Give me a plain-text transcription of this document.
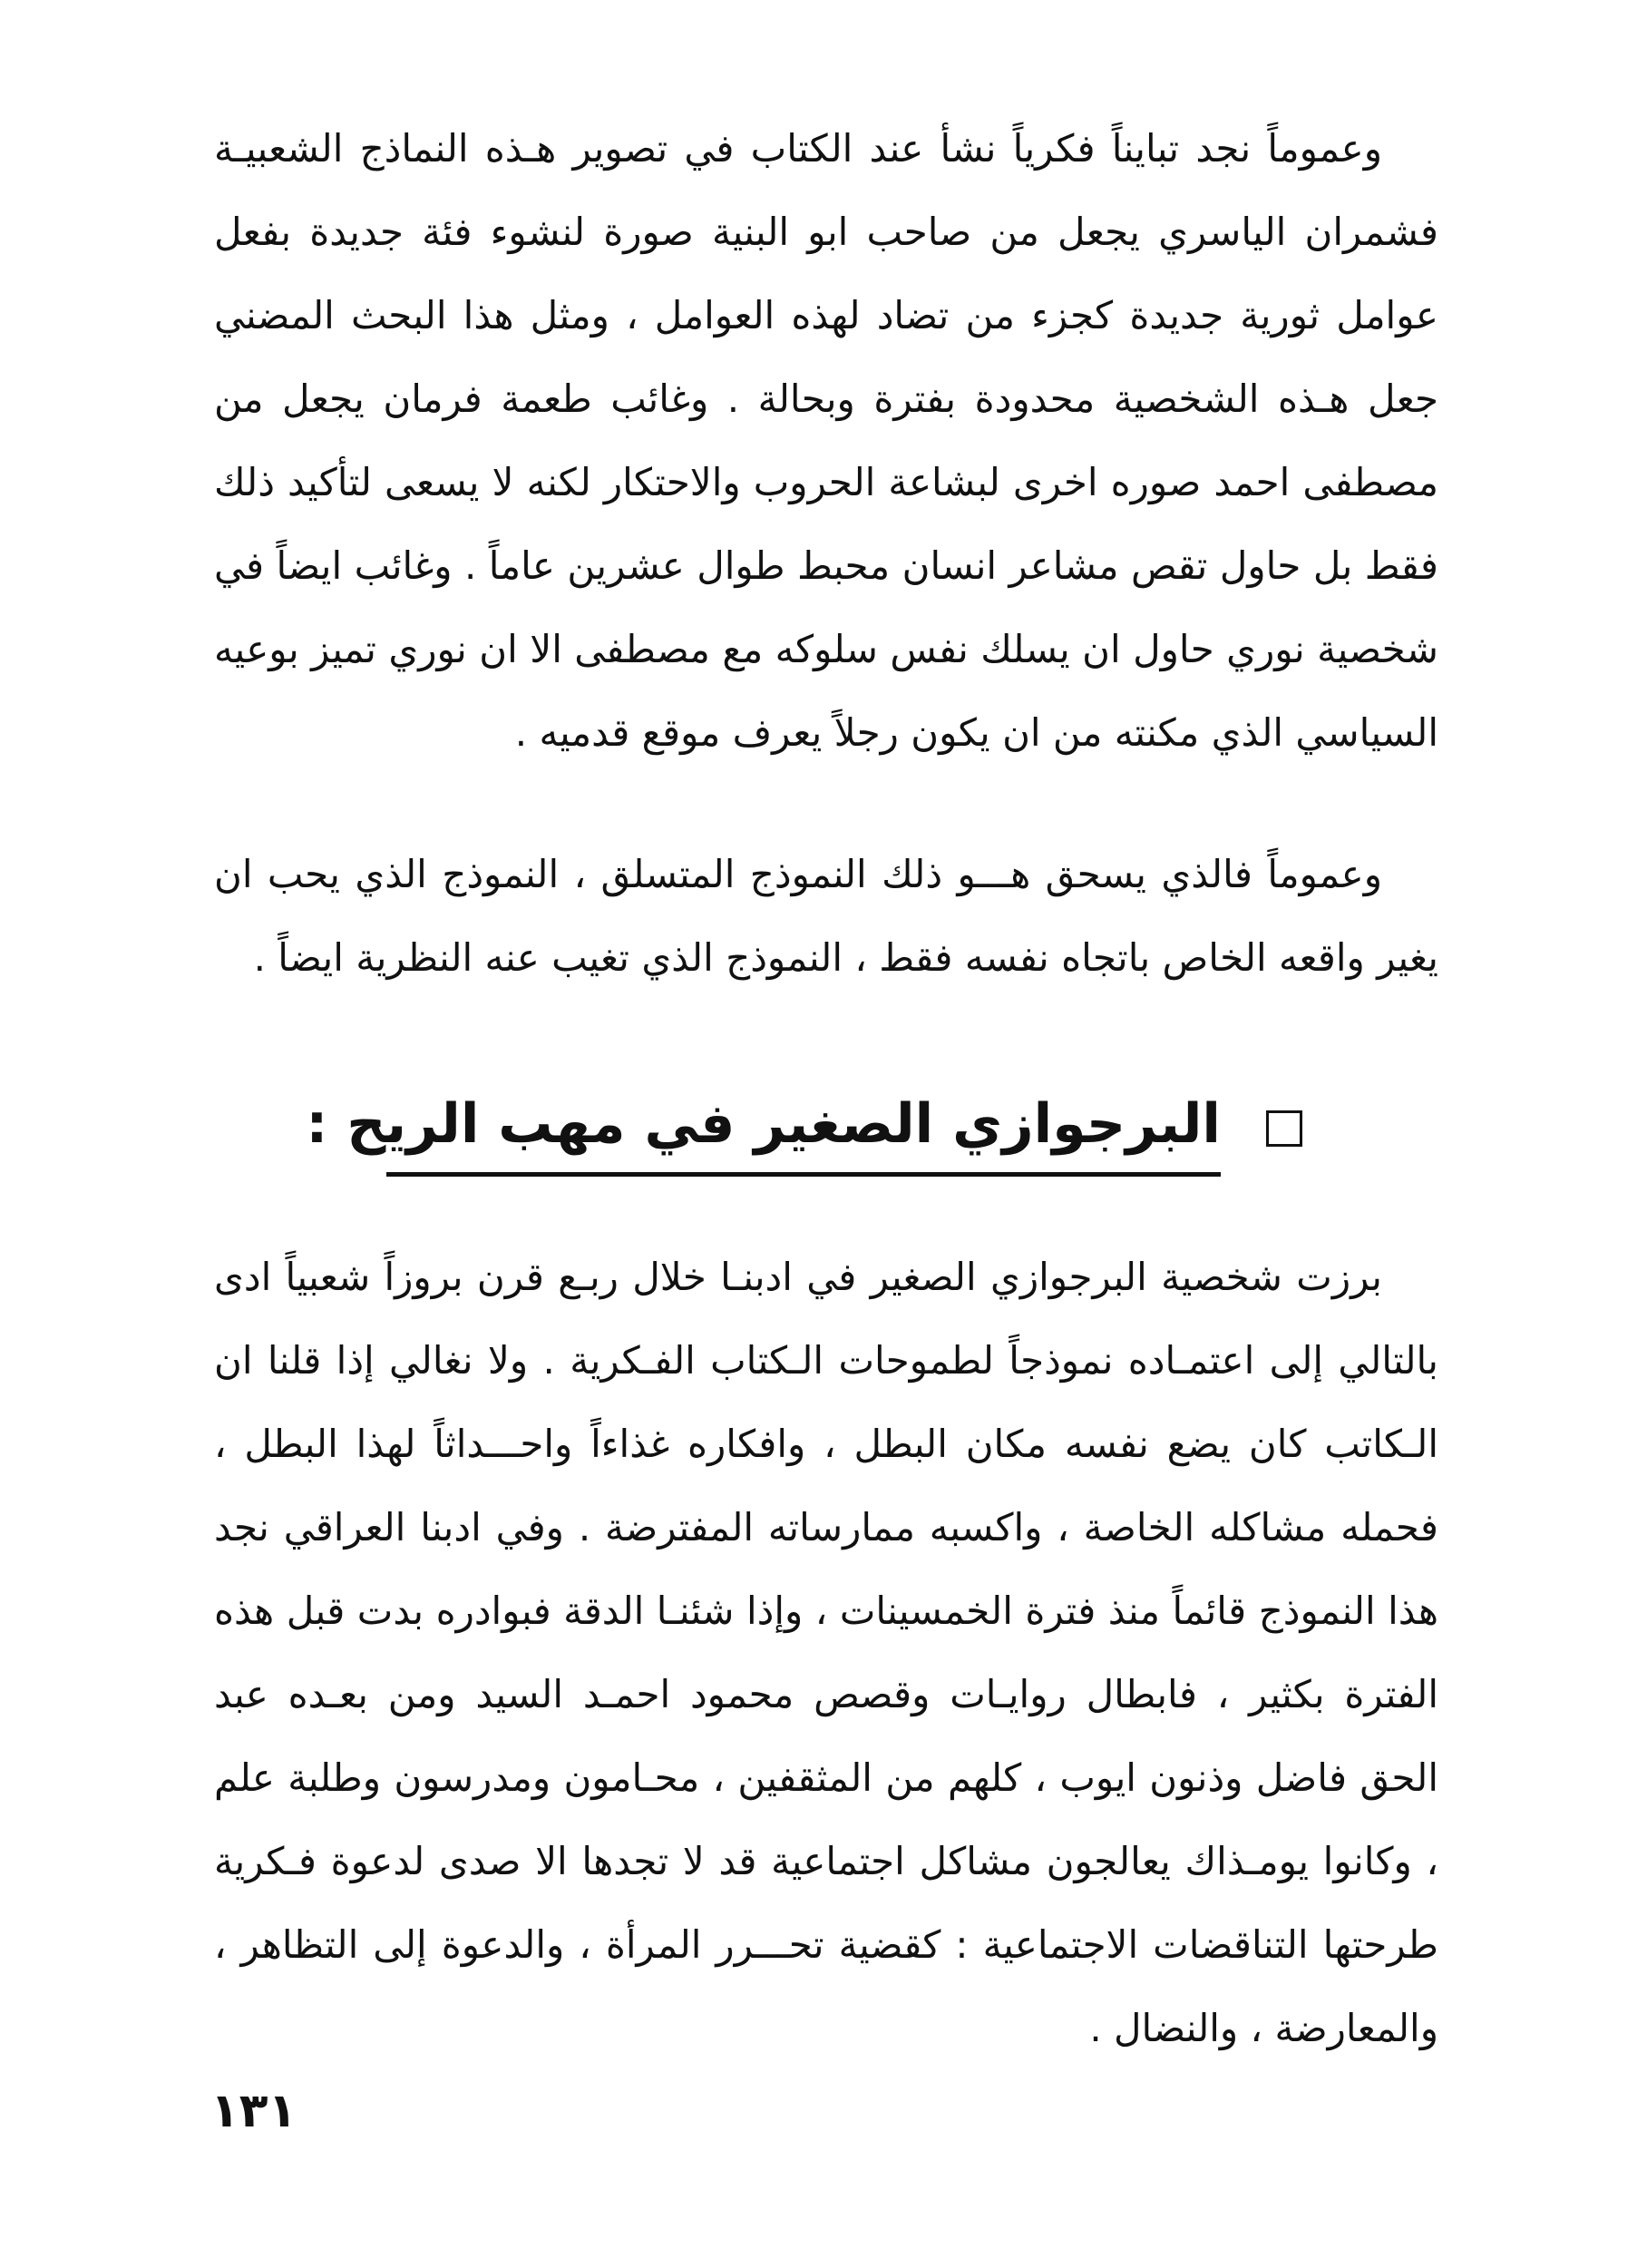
وعموماً نجد تبايناً فكرياً نشأ عند الكتاب في تصوير هـذه النماذج الشعبيـة فشمران الياسري يجعل من صاحب ابو البنية صورة لنشوء فئة جديدة بفعل عوامل ثورية جديدة كجزء من تضاد لهذه العوامل ، ومثل هذا البحث المضني جعل هـذه الشخصية محدودة بفترة وبحالة . وغائب طعمة فرمان يجعل من مصطفى احمد صوره اخرى لبشاعة الحروب والاحتكار لكنه لا يسعى لتأكيد ذلك فقط بل حاول تقص مشاعر انسان محبط طوال عشرين عاماً . وغائب ايضاً في شخصية نوري حاول ان يسلك نفس سلوكه مع مصطفى الا ان نوري تميز بوعيه السياسي الذي مكنته من ان يكون رجلاً يعرف موقع قدميه .

وعموماً فالذي يسحق هـــو ذلك النموذج المتسلق ، النموذج الذي يحب ان يغير واقعه الخاص باتجاه نفسه فقط ، النموذج الذي تغيب عنه النظرية ايضاً .

البرجوازي الصغير في مهب الريح :

برزت شخصية البرجوازي الصغير في ادبنـا خلال ربـع قرن بروزاً شعبياً ادى بالتالي إلى اعتمـاده نموذجاً لطموحات الـكتاب الفـكرية . ولا نغالي إذا قلنا ان الـكاتب كان يضع نفسه مكان البطل ، وافكاره غذاءاً واحـــداثاً لهذا البطل ، فحمله مشاكله الخاصة ، واكسبه ممارساته المفترضة . وفي ادبنا العراقي نجد هذا النموذج قائماً منذ فترة الخمسينات ، وإذا شئنـا الدقة فبوادره بدت قبل هذه الفترة بكثير ، فابطال روايـات وقصص محمود احمـد السيد ومن بعـده عبد الحق فاضل وذنون ايوب ، كلهم من المثقفين ، محـامون ومدرسون وطلبة علم ، وكانوا يومـذاك يعالجون مشاكل اجتماعية قد لا تجدها الا صدى لدعوة فـكرية طرحتها التناقضات الاجتماعية : كقضية تحـــرر المرأة ، والدعوة إلى التظاهر ، والمعارضة ، والنضال .

١٣١
